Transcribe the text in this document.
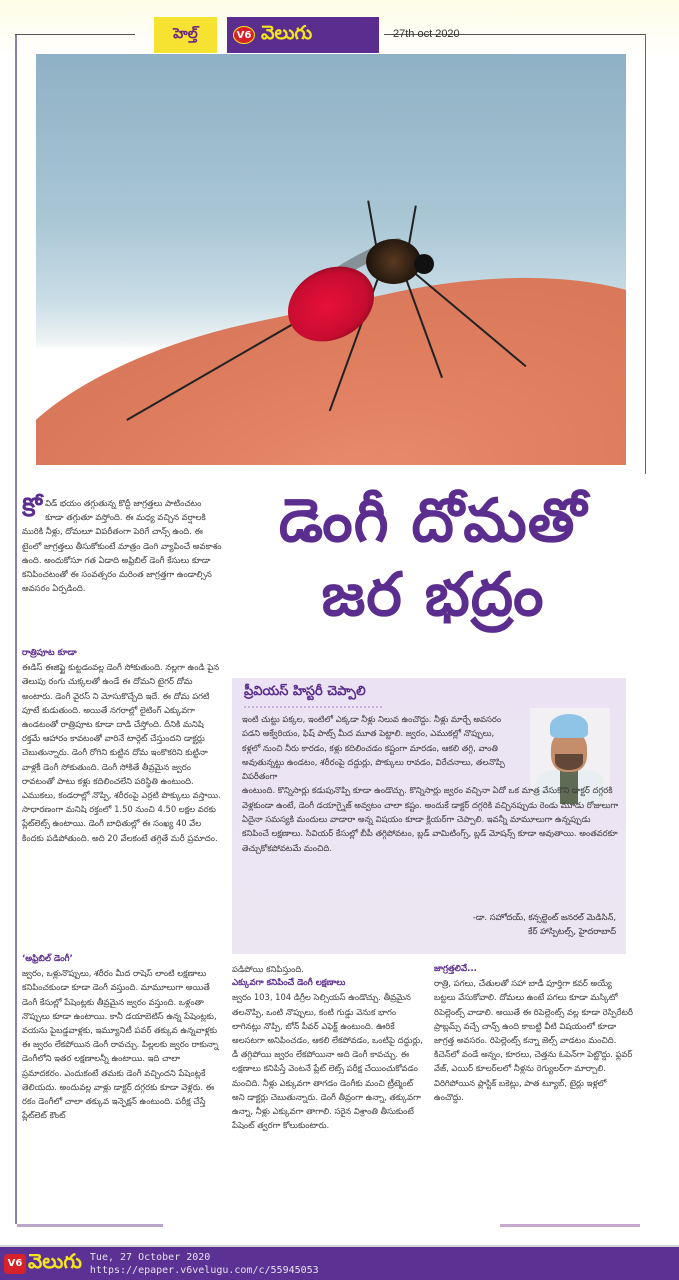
హెల్త్	V6 వెలుగు	27th oct 2020
కో విడ్ భయం తగ్గుతున్న కొద్దీ జాగ్రత్తలు పాటించటం కూడా తగ్గుతూ వస్తోంది. ఈ మధ్య వచ్చిన వర్షాలకి మురికి నీళ్లు, దోమలూ విపరీతంగా పెరిగే చాన్స్ ఉంది. ఈ టైంలో జాగ్రత్తలు తీసుకోకుంటే మాత్రం డెంగి వ్యాపించే అవకాశం ఉంది. అందుకోసూ గత ఏడాది అఫ్రిబిల్ డెంగీ కేసులు కూడా కనిపించటంతో ఈ సంవత్సరం మరింత జాగ్రత్తగా ఉండాల్సిన అవసరం ఏర్పడింది.
డెంగీ దోమతో
జర భద్రం

రాత్రిపూట కూడా

ఈడిస్ ఈజిప్టై కుట్టడంవల్ల డెంగీ సోకుతుంది. నల్లగా ఉండి పైన తెలుపు రంగు చుక్కలతో ఉండే ఈ దోమని టైగర్ దోమ అంటారు. డెంగీ వైరస్ ని మోసుకొచ్చేది ఇదే. ఈ దోమ పగటి పూటే కుడుతుంది. అయితే నగరాల్లో లైటింగ్ ఎక్కువగా ఉండటంతో రాత్రిపూట కూడా దాడి చేస్తోంది. దీనికి మనిషి రక్తమే ఆహారం కావటంతో వారినే టార్గెట్ చేస్తుందని డాక్టర్లు చెబుతున్నారు. డెంగీ రోగిని కుట్టిన దోమ ఇంకొకరిని కుట్టినా వాళ్లకీ డెంగీ సోకుతుంది. డెంగీ సోకితే తీవ్రమైన జ్వరం రావటంతో పాటు కళ్లు కదిలించలేని పరిస్థితి ఉంటుంది. ఎముకలు, కండరాల్లో నొప్పి, శరీరంపై ఎర్రటి పొక్కులు వస్తాయి. సాధారణంగా మనిషి రక్తంలో 1.50 నుంచి 4.50 లక్షల వరకు ప్లేట్‌లెట్స్ ఉంటాయి. డెంగీ బాధితుల్లో ఈ సంఖ్య 40 వేల కిందకు పడిపోతుంది. అది 20 వేలకంటే తగ్గితే మరీ ప్రమాదం.

‘అఫ్రిబిల్ డెంగీ’

జ్వరం, ఒళ్లునొప్పులు, శరీరం మీద రాషెస్ లాంటి లక్షణాలు కనిపించకుండా కూడా డెంగీ వస్తుంది. మామూలుగా అయితే డెంగీ కేసుల్లో పేషెంట్లకు తీవ్రమైన జ్వరం వస్తుంది. ఒళ్లంతా నొప్పులు కూడా ఉంటాయి. కానీ డయాబెటిస్ ఉన్న పేషెంట్లకు, వయసు పైబడ్డవాళ్లకు, ఇమ్యూనిటీ పవర్ తక్కువ ఉన్నవాళ్లకు ఈ జ్వరం లేకపోయిన డెంగీ రావచ్చు. పిల్లలకు జ్వరం రాకున్నా డెంగీలోని ఇతర లక్షణాలన్నీ ఉంటాయి. ఇది చాలా ప్రమాదకరం. ఎందుకంటే తమకు డెంగీ వచ్చిందని పేషెంట్లకే తెలియదు. అందువల్ల వాళ్లు డాక్టర్ దగ్గరకు కూడా వెళ్లరు. ఈ రకం డెంగీలో చాలా తక్కువ ఇన్ఫెక్షన్ ఉంటుంది. పరీక్ష చేస్తే ప్లేట్‌లెట్ కౌంట్

ప్రీవియస్ హిస్టరీ చెప్పాలి

ఇంటి చుట్టు పక్కల, ఇంటిలో ఎక్కడా నీళ్లు నిలువ ఉంచొద్దు. నీళ్లు మార్చే అవసరం పడని అక్వేరియం, ఫిష్ పాట్స్ మీద మూత పెట్టాలి. జ్వరం, ఎముకల్లో నొప్పులు, కళ్లలో నుంచి నీరు కారడం, కళ్లు కదిలించడం కష్టంగా మారడం, ఆకలి తగ్గి, వాంతి అవుతున్నట్టు ఉండటం, శరీరంపై దద్దుర్లు, పొక్కులు రావడం, విరేచనాలు, తలనొప్పి విపరీతంగా

ఉంటుంది. కొన్నిసార్లు కడుపునొప్పి కూడా ఉండొచ్చు. కొన్నిసార్లు జ్వరం వచ్చినా ఏదో ఒక మాత్ర వేసుకొని డాక్టర్ దగ్గరకి వెళ్లకుండా ఉంటే, డెంగీ డయాగ్నైజ్ అవ్వటం చాలా కష్టం. అందుకే డాక్టర్ దగ్గరికి వచ్చినప్పుడు రెండు మూడు రోజులుగా ఏదైనా సమస్యకి మందులు వాడారా అన్న విషయం కూడా క్లియర్‌గా చెప్పాలి. ఇవన్నీ మామూలుగా ఉన్నప్పుడు కనిపించే లక్షణాలు. సివియర్ కేసుల్లో బీపీ తగ్గిపోవటం, బ్లడ్ వామిటింగ్స్, బ్లడ్ మోషన్స్ కూడా అవుతాయి. అంతవరకూ తెచ్చుకోకపోవటమే మంచిది.

-డా. సహోదయ్, కన్సల్టెంట్ జనరల్ మెడిసిన్,
కేర్ హాస్పిటల్స్, హైదరాబాద్

పడిపోయి కనిపిస్తుంది.

ఎక్కువగా కనిపించే డెంగీ లక్షణాలు

జ్వరం 103, 104 డిగ్రీల సెల్సియస్ ఉండొచ్చు. తీవ్రమైన తలనొప్పి, ఒంటి నొప్పులు, కంటి గుడ్డు వెనుక భాగం లాగినట్లు నొప్పి, బోన్ పీవర్ ఎఫెక్ట్ ఉంటుంది. ఊరికే అలసటగా అనిపించడం, ఆకలి లేకపోవడం, ఒంటిపై దద్దుర్లు, డీ తగ్గిపోయి జ్వరం లేకపోయినా అది డెంగీ కావచ్చు. ఈ లక్షణాలు కనిపిస్తే వెంటనే ప్లేట్ లెట్స్ పరీక్ష చేయించుకోవడం మంచిది. నీళ్లు ఎక్కువగా తాగడం డెంగీకు మంచి ట్రీట్మెంట్ అని డాక్టర్లు చెబుతున్నారు. డెంగీ తీవ్రంగా ఉన్నా, తక్కువగా ఉన్నా, నీళ్లు ఎక్కువగా తాగాలి. సరైన విశ్రాంతి తీసుకుంటే పేషెంట్ త్వరగా కోలుకుంటారు.

జాగ్రత్తలివే...

రాత్రి, పగలు, చేతులతో సహా బాడీ పూర్తిగా కవర్ అయ్యే బట్టలు వేసుకోవాలి. దోమలు ఉంటే పగలు కూడా మస్కిటో రిపెల్లెంట్స్ వాడాలి. అయితే ఈ రిపెల్లెంట్స్ వల్ల కూడా రెస్పిరేటరీ ప్రాబ్లమ్స్ వచ్చే చాన్స్ ఉంది కాబట్టి వీటి విషయంలో కూడా జాగ్రత్త అవసరం. రిపెల్లెంట్స్ కన్నా జెల్స్ వాడటం మంచిది. కిచెన్‌లో వండే అన్నం, కూరలు, చెత్తను ఓపెన్‌గా పెట్టొద్దు. ఫ్లవర్ వేజ్, ఎయిర్ కూలర్‌లలో నీళ్లను రెగ్యులర్‌గా మార్చాలి. విరిగిపోయిన ప్లాస్టిక్ బకెట్లు, పాత ట్యూబ్, టైర్లు ఇళ్లలో ఉంచొద్దు.

V6 వెలుగు Tue, 27 October 2020
https://epaper.v6velugu.com/c/55945053
